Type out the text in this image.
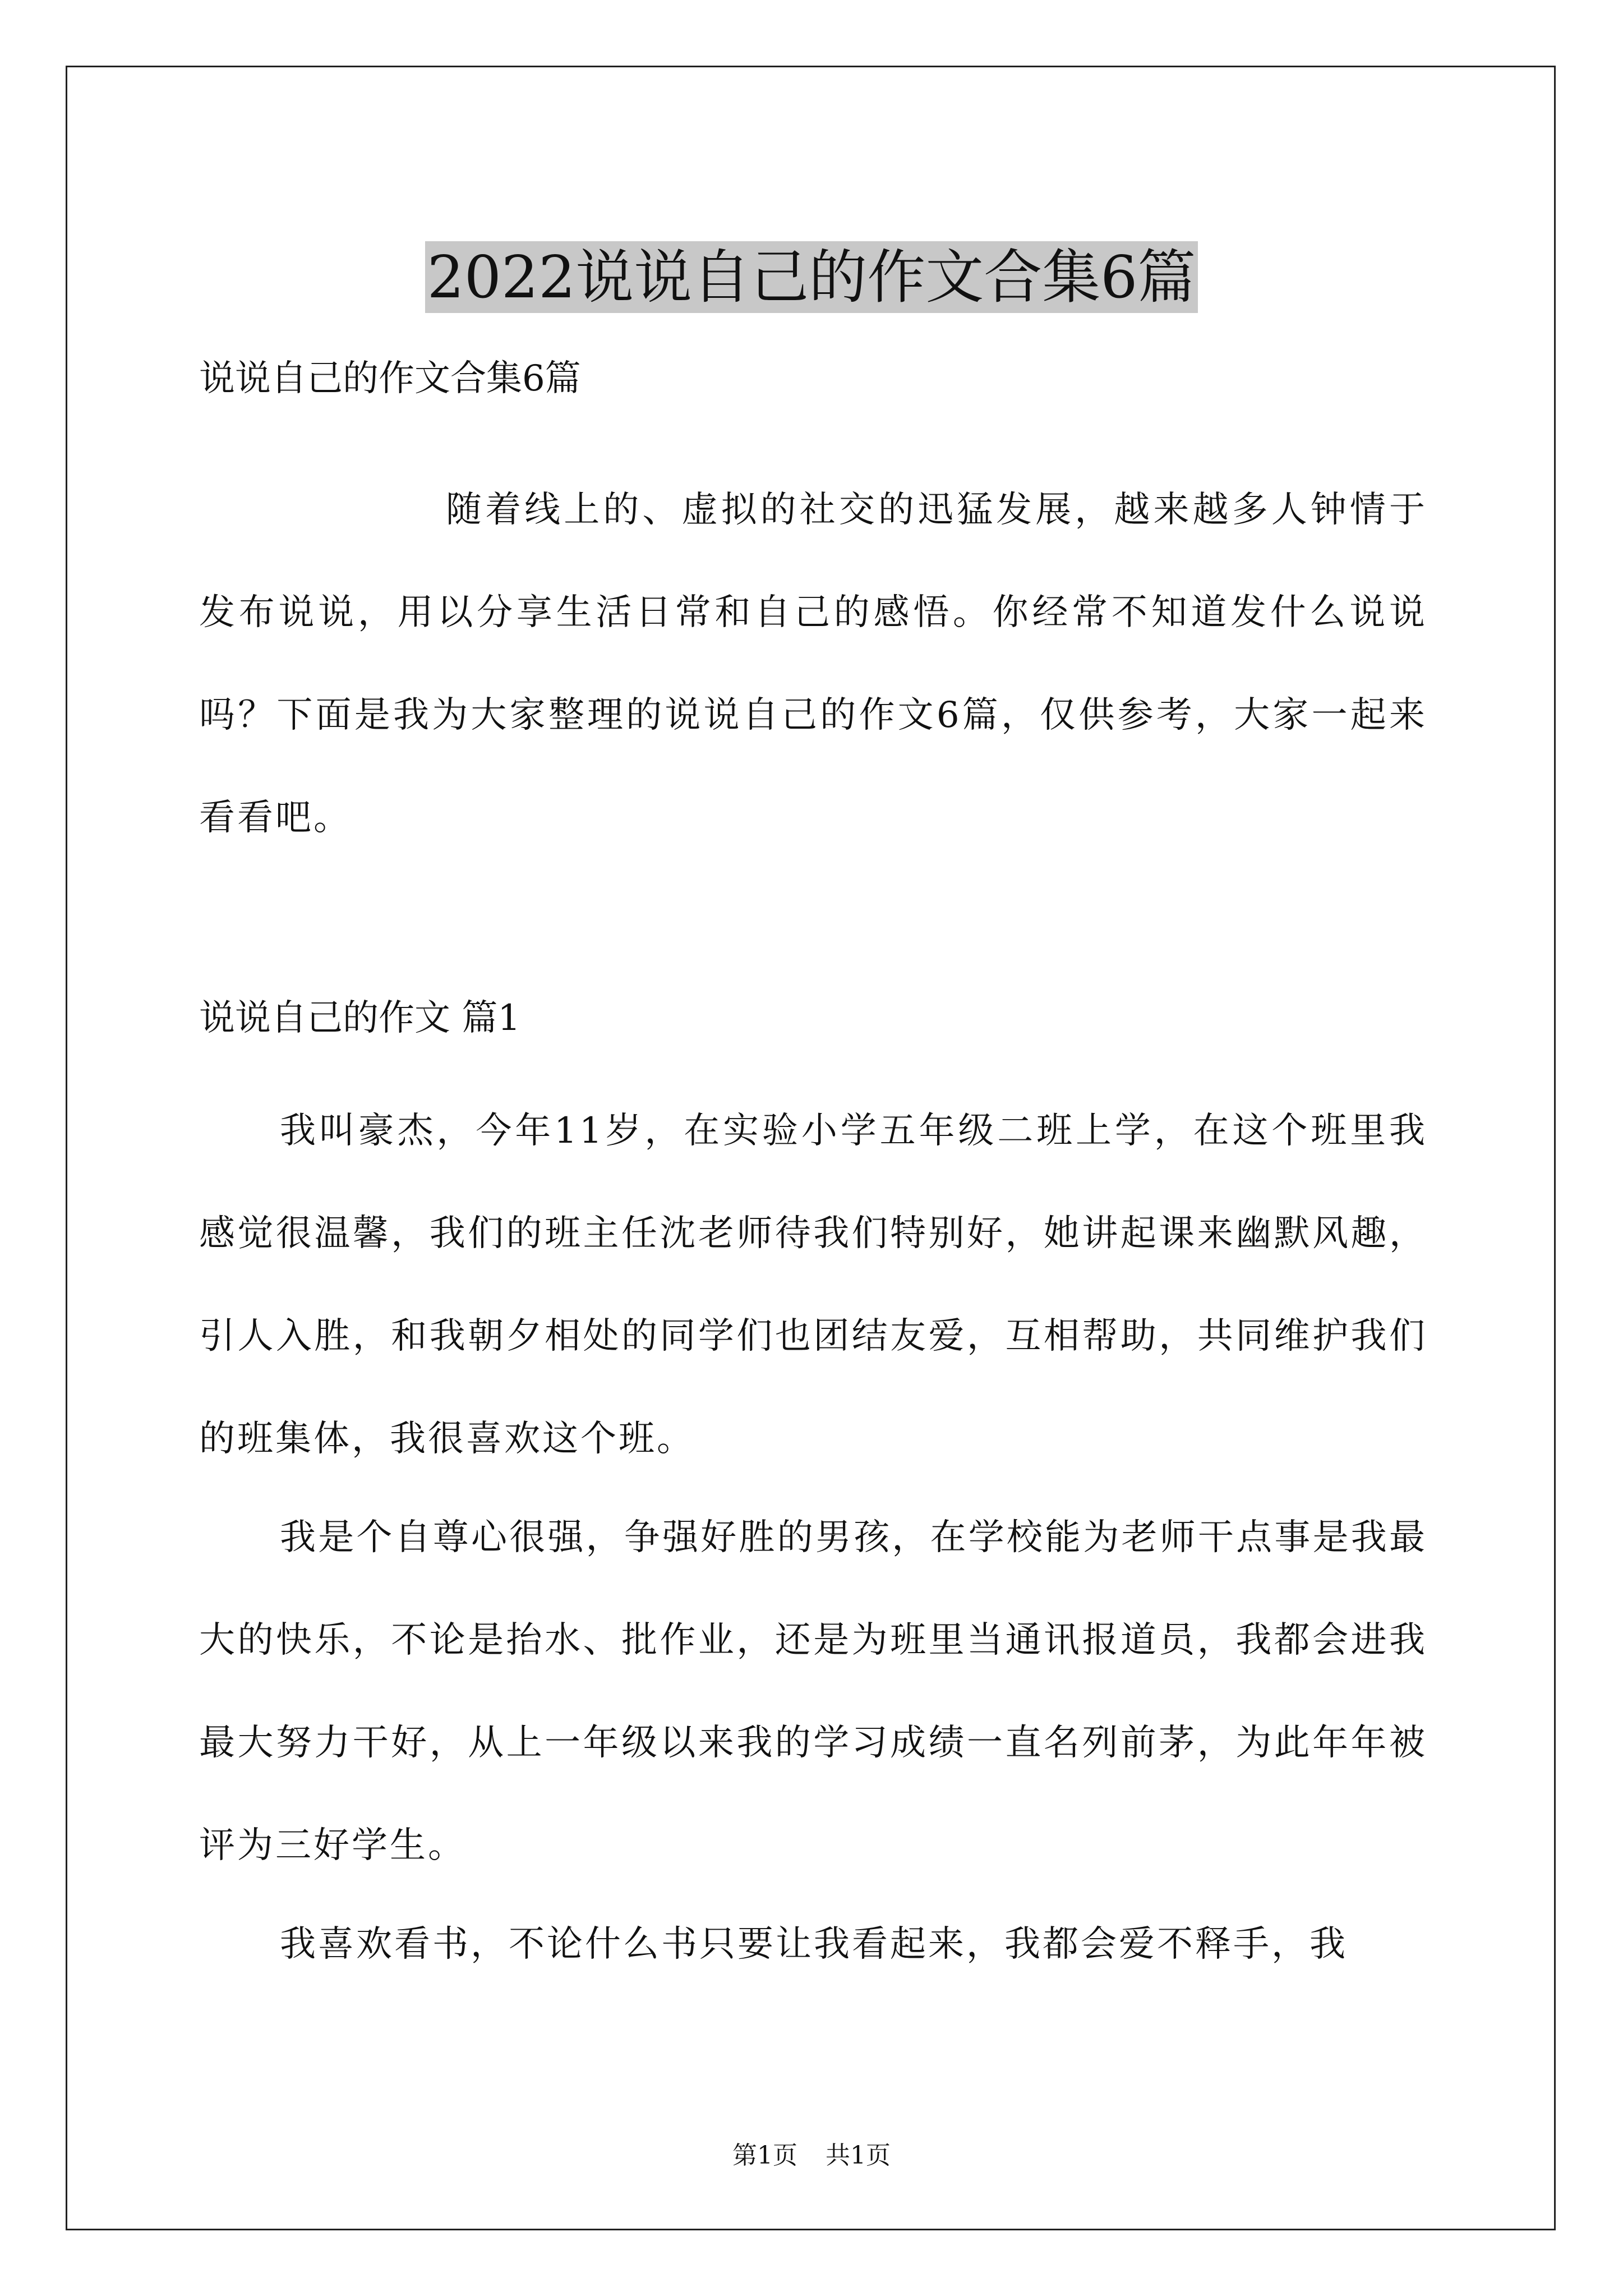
2022说说自己的作文合集6篇

说说自己的作文合集6篇

随着线上的、虚拟的社交的迅猛发展，越来越多人钟情于发布说说，用以分享生活日常和自己的感悟。你经常不知道发什么说说吗？下面是我为大家整理的说说自己的作文6篇，仅供参考，大家一起来看看吧。

说说自己的作文 篇1

我叫豪杰，今年11岁，在实验小学五年级二班上学，在这个班里我感觉很温馨，我们的班主任沈老师待我们特别好，她讲起课来幽默风趣，引人入胜，和我朝夕相处的同学们也团结友爱，互相帮助，共同维护我们的班集体，我很喜欢这个班。

我是个自尊心很强，争强好胜的男孩，在学校能为老师干点事是我最大的快乐，不论是抬水、批作业，还是为班里当通讯报道员，我都会进我最大努力干好，从上一年级以来我的学习成绩一直名列前茅，为此年年被评为三好学生。

我喜欢看书，不论什么书只要让我看起来，我都会爱不释手，我

第1页 共1页
